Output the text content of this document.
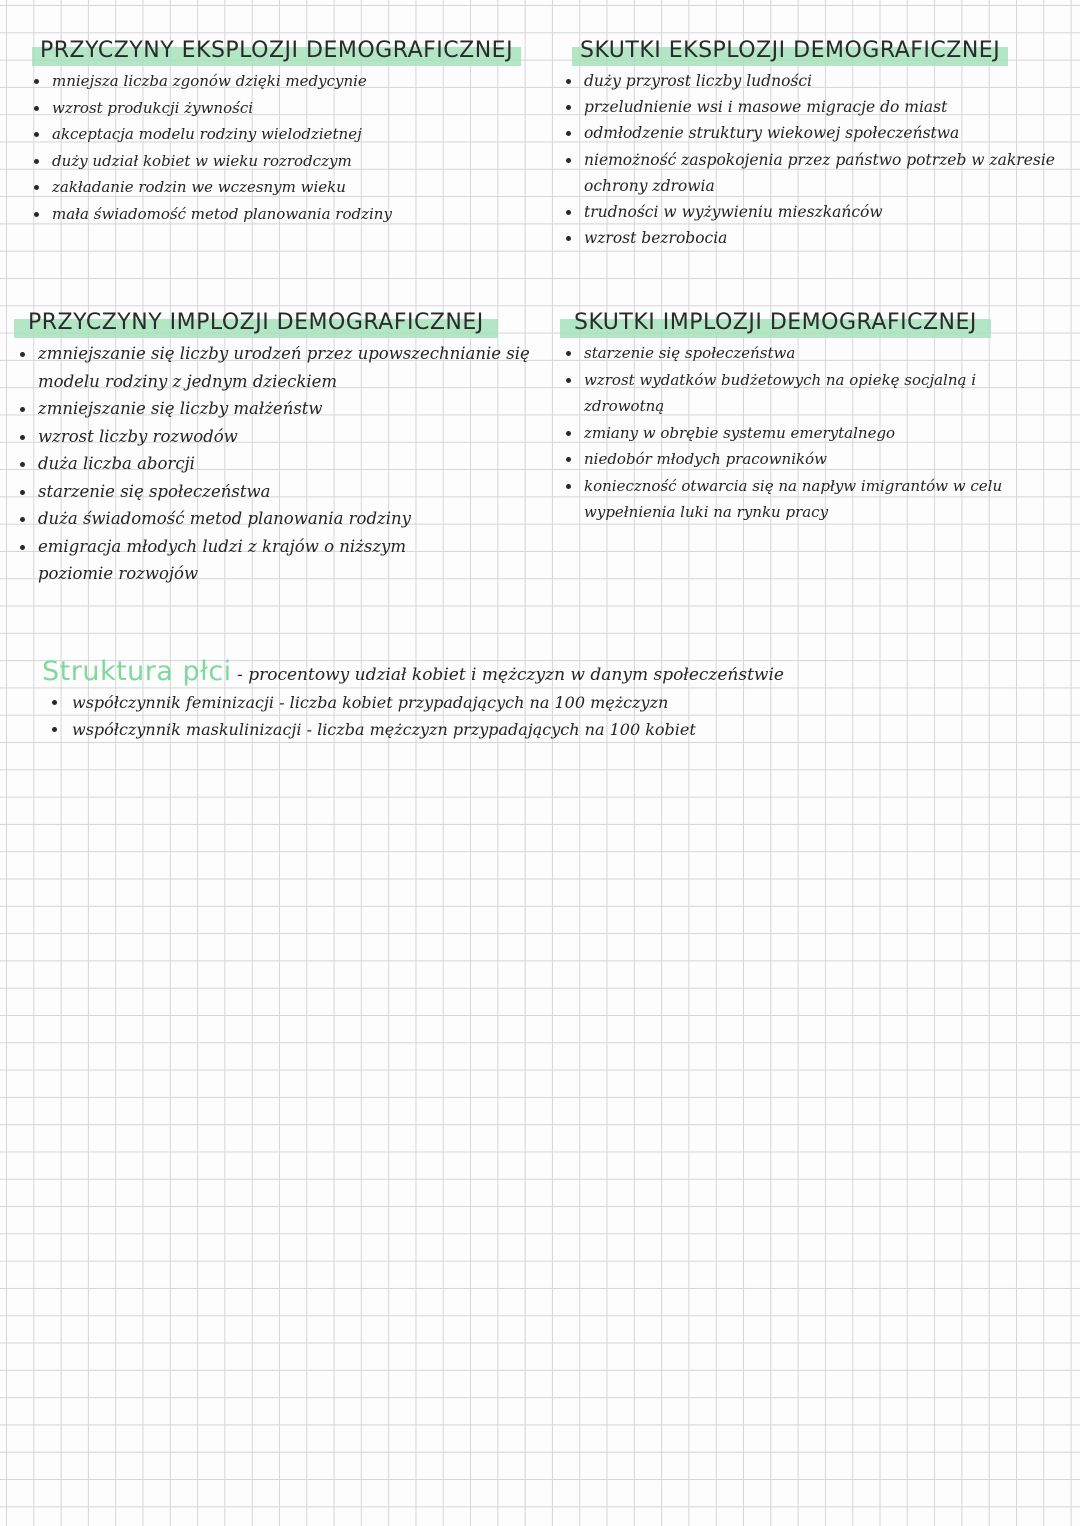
PRZYCZYNY EKSPLOZJI DEMOGRAFICZNEJ
mniejsza liczba zgonów dzięki medycynie
wzrost produkcji żywności
akceptacja modelu rodziny wielodzietnej
duży udział kobiet w wieku rozrodczym
zakładanie rodzin we wczesnym wieku
mała świadomość metod planowania rodziny
SKUTKI EKSPLOZJI DEMOGRAFICZNEJ
duży przyrost liczby ludności
przeludnienie wsi i masowe migracje do miast
odmłodzenie struktury wiekowej społeczeństwa
niemożność zaspokojenia przez państwo potrzeb w zakresie ochrony zdrowia
trudności w wyżywieniu mieszkańców
wzrost bezrobocia
PRZYCZYNY IMPLOZJI DEMOGRAFICZNEJ
zmniejszanie się liczby urodzeń przez upowszechnianie się modelu rodziny z jednym dzieckiem
zmniejszanie się liczby małżeństw
wzrost liczby rozwodów
duża liczba aborcji
starzenie się społeczeństwa
duża świadomość metod planowania rodziny
emigracja młodych ludzi z krajów o niższym poziomie rozwojów
SKUTKI IMPLOZJI DEMOGRAFICZNEJ
starzenie się społeczeństwa
wzrost wydatków budżetowych na opiekę socjalną i zdrowotną
zmiany w obrębie systemu emerytalnego
niedobór młodych pracowników
konieczność otwarcia się na napływ imigrantów w celu wypełnienia luki na rynku pracy
Struktura płci - procentowy udział kobiet i mężczyzn w danym społeczeństwie
współczynnik feminizacji - liczba kobiet przypadających na 100 mężczyzn
współczynnik maskulinizacji - liczba mężczyzn przypadających na 100 kobiet
